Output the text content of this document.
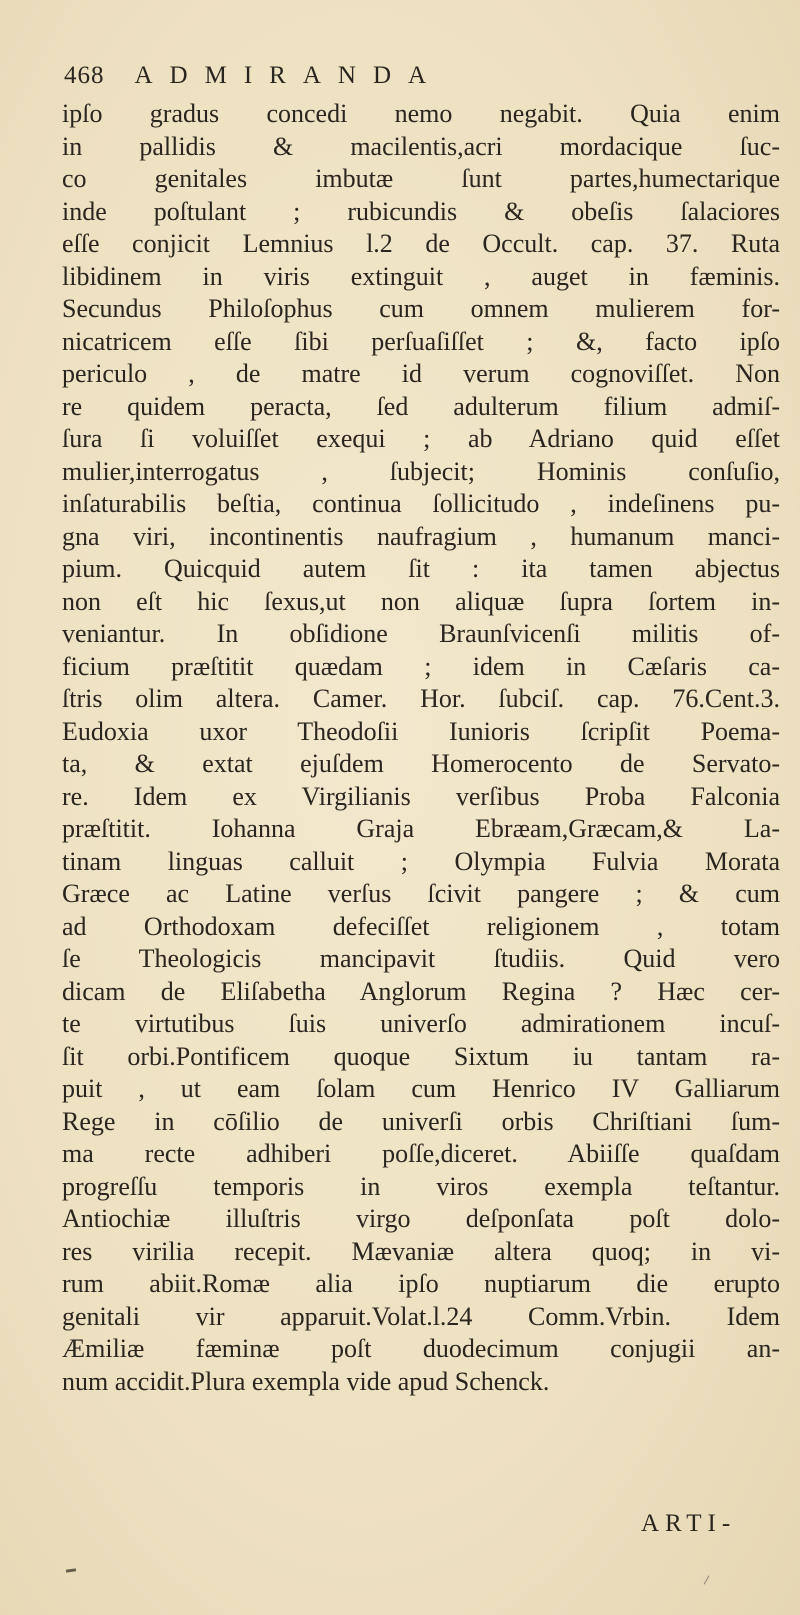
468 ADMIRANDA
ipſo gradus concedi nemo negabit. Quia enim
in pallidis & macilentis,acri mordacique ſuc-
co genitales imbutæ ſunt partes,humectarique
inde poſtulant ; rubicundis & obeſis ſalaciores
eſſe conjicit Lemnius l.2 de Occult. cap. 37. Ruta
libidinem in viris extinguit , auget in fæminis.
Secundus Philoſophus cum omnem mulierem for-
nicatricem eſſe ſibi perſuaſiſſet ; &, facto ipſo
periculo , de matre id verum cognoviſſet. Non
re quidem peracta, ſed adulterum filium admiſ-
ſura ſi voluiſſet exequi ; ab Adriano quid eſſet
mulier,interrogatus , ſubjecit; Hominis conſuſio,
inſaturabilis beſtia, continua ſollicitudo , indeſinens pu-
gna viri, incontinentis naufragium , humanum manci-
pium. Quicquid autem ſit : ita tamen abjectus
non eſt hic ſexus,ut non aliquæ ſupra ſortem in-
veniantur. In obſidione Braunſvicenſi militis of-
ficium præſtitit quædam ; idem in Cæſaris ca-
ſtris olim altera. Camer. Hor. ſubciſ. cap. 76.Cent.3.
Eudoxia uxor Theodoſii Iunioris ſcripſit Poema-
ta, & extat ejuſdem Homerocento de Servato-
re. Idem ex Virgilianis verſibus Proba Falconia
præſtitit. Iohanna Graja Ebræam,Græcam,& La-
tinam linguas calluit ; Olympia Fulvia Morata
Græce ac Latine verſus ſcivit pangere ; & cum
ad Orthodoxam defeciſſet religionem , totam
ſe Theologicis mancipavit ſtudiis. Quid vero
dicam de Eliſabetha Anglorum Regina ? Hæc cer-
te virtutibus ſuis univerſo admirationem incuſ-
ſit orbi.Pontificem quoque Sixtum iu tantam ra-
puit , ut eam ſolam cum Henrico IV Galliarum
Rege in cōſilio de univerſi orbis Chriſtiani ſum-
ma recte adhiberi poſſe,diceret. Abiiſſe quaſdam
progreſſu temporis in viros exempla teſtantur.
Antiochiæ illuſtris virgo deſponſata poſt dolo-
res virilia recepit. Mævaniæ altera quoq; in vi-
rum abiit.Romæ alia ipſo nuptiarum die erupto
genitali vir apparuit.Volat.l.24 Comm.Vrbin. Idem
Æmiliæ fæminæ poſt duodecimum conjugii an-
num accidit.Plura exempla vide apud Schenck.
ARTI-
